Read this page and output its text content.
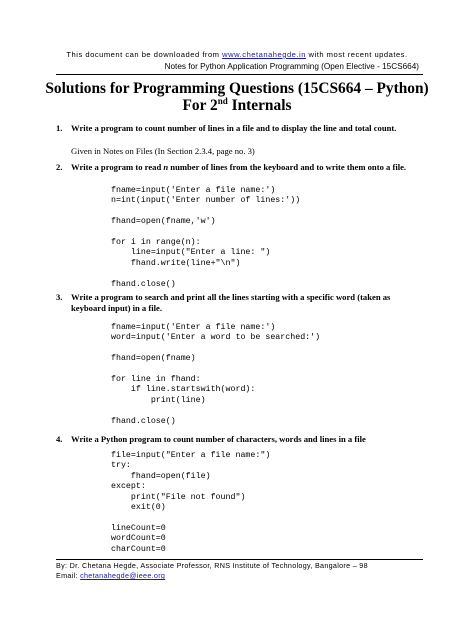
This document can be downloaded from www.chetanahegde.in with most recent updates.
Notes for Python Application Programming (Open Elective - 15CS664)
Solutions for Programming Questions (15CS664 – Python)
For 2nd Internals
1. Write a program to count number of lines in a file and to display the line and total count.
Given in Notes on Files (In Section 2.3.4, page no. 3)
2. Write a program to read n number of lines from the keyboard and to write them onto a file.
fname=input('Enter a file name:')
n=int(input('Enter number of lines:'))

fhand=open(fname,'w')

for i in range(n):
line=input("Enter a line: ")
fhand.write(line+"\n")

fhand.close()
3. Write a program to search and print all the lines starting with a specific word (taken as keyboard input) in a file.
fname=input('Enter a file name:')
word=input('Enter a word to be searched:')

fhand=open(fname)

for line in fhand:
if line.startswith(word):
print(line)

fhand.close()
4. Write a Python program to count number of characters, words and lines in a file
file=input("Enter a file name:")
try:
fhand=open(file)
except:
print("File not found")
exit(0)

lineCount=0
wordCount=0
charCount=0
By: Dr. Chetana Hegde, Associate Professor, RNS Institute of Technology, Bangalore – 98
Email: chetanahegde@ieee.org
